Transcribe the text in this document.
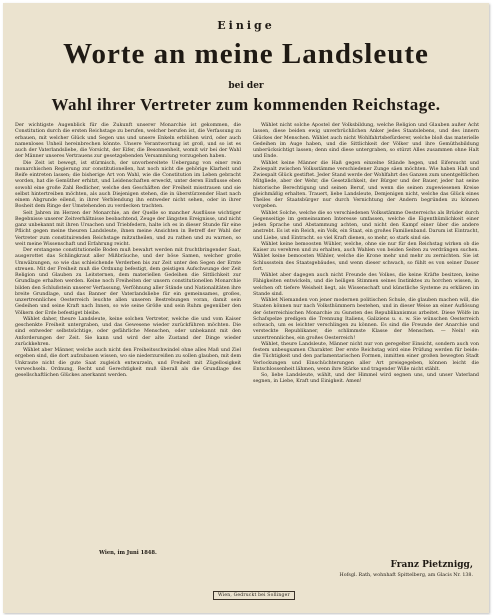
Einige
Worte an meine Landsleute
bei der
Wahl ihrer Vertreter zum kommenden Reichstage.

Der wichtigste Augenblick für die Zukunft unserer Monarchie ist gekommen, die Constitution durch die ersten Reichstage zu berufen, welcher berufen ist, die Verfassung zu erbauen, mit welcher Glück und Segen uns und unsere Enkeln erblühen wird, oder auch namenloses Unheil hereinbrechen könnte. Unsere Verantwortung ist groß, und so ist es auch der Vaterlandsliebe, die Vorsicht, der Eifer, die Besonnenheit, womit wir bei der Wahl der Männer unseres Vertrauens zur gesetzgebenden Versammlung vorzugehen haben.

Die Zeit ist bewegt, ist stürmisch, der unvorbereitete Uebergang von einer rein monarchischen Regierung zur constitutionellen, hat noch nicht die gehörige Klarheit und Reife eintreten lassen; die bisherige Art von Wahl, wie die Constitution im Leben gebracht worden, hat die Gemüther erhitzt, und Leidenschaften erweckt, unter deren Einflusse eben sowohl eine große Zahl Redlicher, welche den Geschäften der Freiheit misstrauen und sie selbst hintertreiben möchten, als auch Diejenigen stehen, die in überstürzender Hast nach einem Abgrunde eilend, in ihrer Verblendung ihn entweder nicht sehen, oder in ihrer Bosheit dem Ringe der Umstehenden zu verdecken trachten.

Seit Jahren im Herzen der Monarchie, an der Quelle so mancher Ausflüsse wichtiger Begebnisse unserer Zeitverhältnisse beobachtend, Zeuge der längsten Ereignisse, und nicht ganz unbekannt mit ihren Ursachen und Triebfedern, halte ich es in dieser Stunde für eine Pflicht gegen meine theuren Landsleute, ihnen meine Ansichten in Betreff der Wahl der Vertreter zum constituirenden Reichstage mitzutheilen, und zu rathen und zu warnen, so weit meine Wissenschaft und Erfahrung reicht.

Der erstangene constitutionelle Boden muß bewahrt werden mit fruchtbringender Saat, ausgerottet das Schlingkraut aller Mißbräuche, und der böse Samen, welcher große Umwälzungen, so wie das schleichende Verderben bis zur Zeit unter den Segen der Ernte streuen. Mit der Freiheit muß die Ordnung befestigt, dem geistigen Aufschwunge der Zeit Religion und Glauben zu Leitsternen, dem materiellen Gedeihen die Sittlichkeit zur Grundlage erhalten werden. Keine noch Freiheiten der unsern constitutionellen Monarchie bilden den Schlußstein unserer Verfassung, Verföhnung aller Stände und Nationalitäten ihre breite Grundlage, und das Banner der Vaterlandsliebe für ein gemeinsames, großes, unzertrennliches Oesterreich leuchte allen unseren Bestrebungen voran, damit sein Gedeihen und seine Kraft nach Innen, so wie seine Größe und sein Ruhm gegenüber den Völkern der Erde befestiget bleibe.

Wählet daher, theure Landsleute, keine solchen Vertreter, welche die und vom Kaiser geschenkte Freiheit untergraben, und das Gewesene wieder zurückführen möchten. Die sind entweder selbstsüchtige, oder gefährliche Menschen, oder unbekannt mit den Anforderungen der Zeit. Sie kann und wird der alte Zustand der Dinge wieder zurückkehren.

Wählet aber Männer, welche auch nicht den Freiheitsschwindel ohne alles Maß und Ziel ergeben sind, die dort aufzubauen wissen, wo sie niederzureißen zu sollen glauben, mit dem Unkraute nicht die gute Saat zugleich entwurzeln, und Freiheit mit Zügellosigkeit verwechseln. Ordnung, Recht und Gerechtigkeit muß überall als die Grundlage des gesellschaftlichen Glückes anerkannt werden.

Wien, im Juni 1848.

Wählet nicht solche Apostel der Volksbildung, welche Religion und Glauben außer Acht lassen, diese beiden ewig unverbrüchlichen Anker jedes Staatslebens, und des innern Glückes der Menschen. Wählet auch nicht Wohlfahrtsbefürderer, welche bloß das materielle Gedeihen im Auge haben, und die Sittlichkeit der Völker und ihre Gemüthsbildung unberücksichtigt lassen; denn sind diese untergraben, so stürzt Alles zusammen ohne Halt und Ende.

Wählet keine Männer die Haß gegen einzelne Stände hegen, und Eifersucht und Zwiespalt zwischen Volksstämme verschiedener Zunge säen möchten. Wie haben Haß und Zwiespalt Glück gestiftet. Jeder Stand werde der Wohlfahrt des Ganzen zum unentgeltlichen Mitgliede, aber der Wehr, die Gesetzlichkeit, der Bürger und der Bauer, jeder hat seine historische Berechtigung und seinen Beruf, und wenn die seinen zugewiesenen Kreise gleichmäßig erhalten. Trauert, liebe Landsleute, Demjenigen nicht, welche das Glück eines Theiles der Staatsbürger nur durch Vernichtung der Andern begründen zu können vorgeben.

Wählet Solche, welche die so verschiedenen Volksstämme Oesterreichs als Brüder durch Gegenseitige im gemeinsamen Interesse umfassen, welche die Eigenthümlichkeit einer jeden Sprache und Abstammung achten, und nicht den Kampf einer über die andere anstrebt. Es ist ein Reich, ein Volk, ein Staat, ein großes Familienband. Darum ist Eintracht, und Liebe, und Eintracht. so viel Kraft dienen, so mehr, so stark sind sie.

Wählet keine bemoosten Wühler, welche, ohne sie nur für den Reichstag wirken ob die Kaiser zu verehren und zu erhalten, auch Wahlen von beiden Seiten zu verdrängen suchen. Wählet keine bemoosten Wähler, welche die Krone mehr und mehr zu zernichten. Sie ist Schlussstein des Staatsgebäudes, und wenn dieser schwach, so fühlt es von seiner Dauer fort.

Wählet aber dagegen auch nicht Freunde des Volkes, die keine Kräfte besitzen, keine Fähigkeiten entwickeln, und die heiligen Stimmen seines Instinktes zu horchen wissen, in welchen oft tiefere Weisheit liegt, als Wissenschaft und künstliche Systeme zu erklären im Stande sind.

Wählet Niemanden von jener modernen politischen Schule, die glauben machen will, die Staaten können nur nach Volksthümmern bestehen, und in dieser Weise an einer Auflösung der österreichischen Monarchie zu Gunsten des Republikanismus arbeitet. Diese Wölfe im Schafspelze predigen die Trennung Italiens, Galiziens u. s. w. Sie wünschen Oesterreich schwach, um es leichter verschlingen zu können. Es sind die Freunde der Anarchie und versteckte Republikaner, die schlimmste Klasse der Menschen. — Nein! ein unzertrennliches, ein großes Oesterreich!

Wählet, theure Landsleute, Männer nicht nur von geregelter Einsicht, sondern auch von festem unbeugsamen Charakter. Der erste Reichstag wird eine Prüfung werden für beide: die Tüchtigkeit und den parlamentarischen Formen, inmitten einer großen bewegten Stadt Verlockungen und Einschüchterungen aller Art preisgegeben, können leicht die Entschlossenheit lähmen, wenn ihre Stärke und tragender Wille nicht stählt.

So, liebe Landsleute, wählt, und der Himmel wird segnen uns, und unser Vaterland segnen, in Liebe, Kraft und Einigkeit. Amen!

Franz Pietznigg,
Hofsgl. Rath, wohnhaft Spittelberg, am Glacis Nr. 138.
Wien, Gedruckt bei Sollinger
